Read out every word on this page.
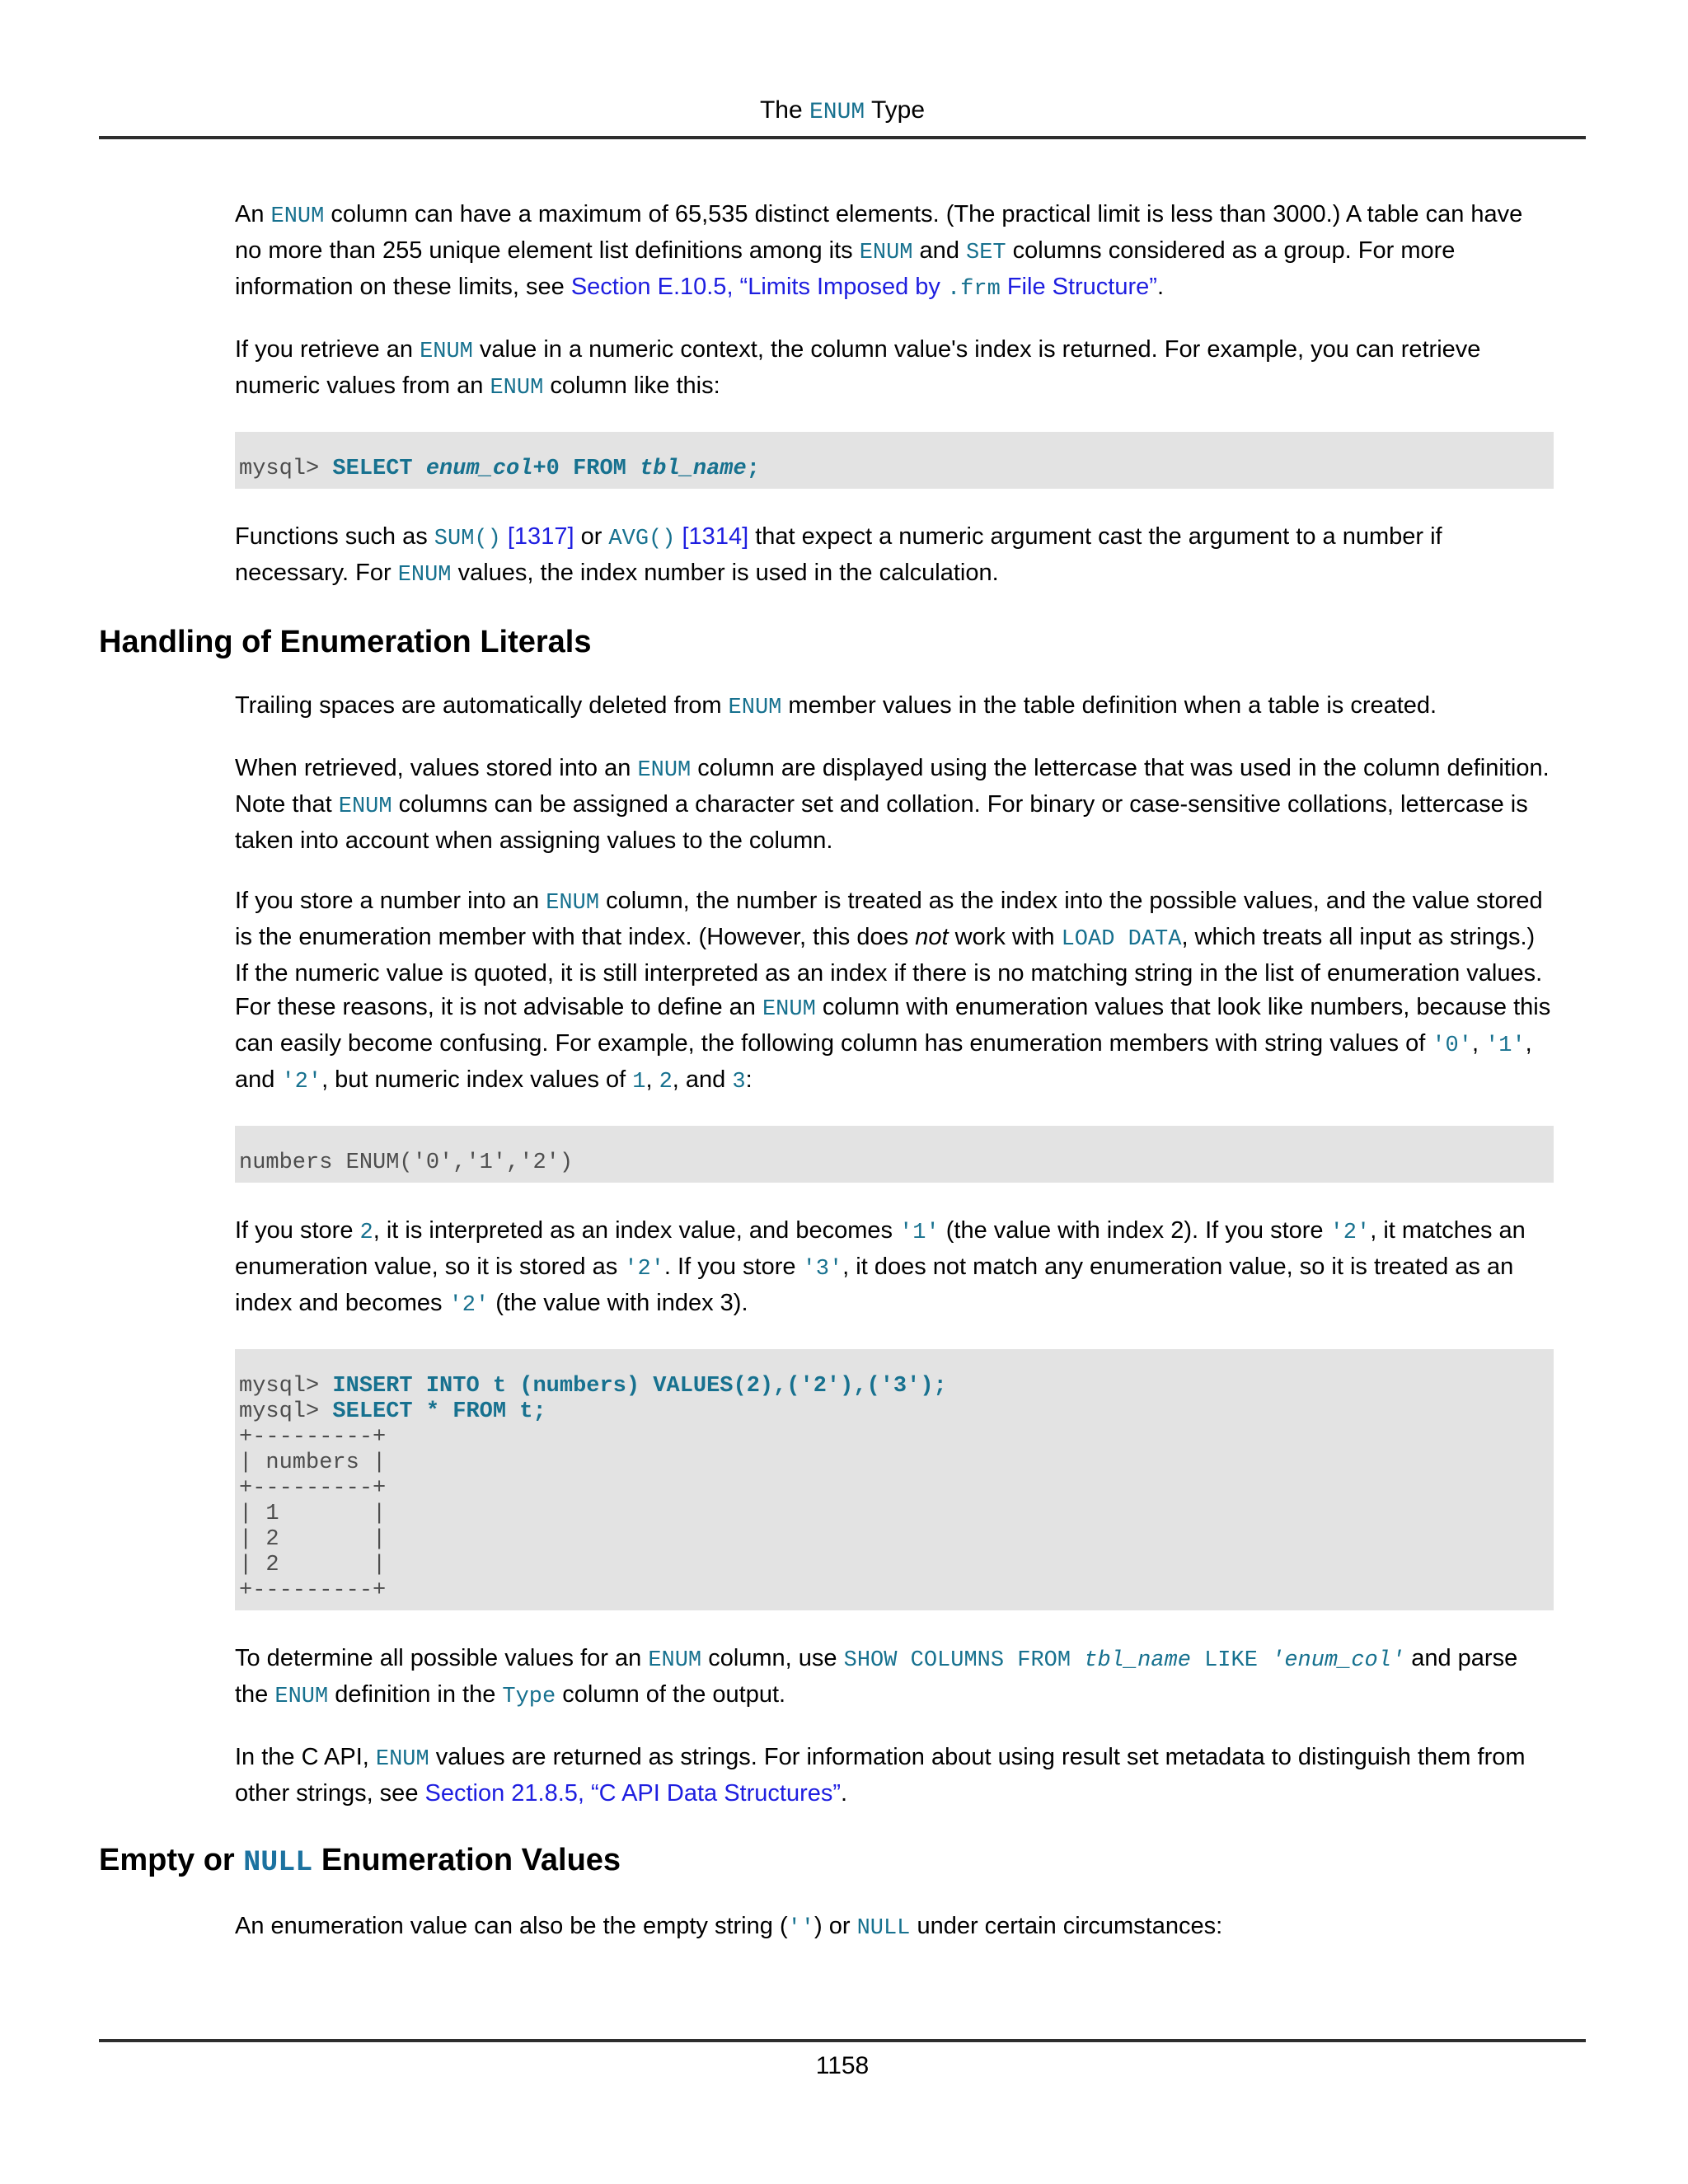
The ENUM Type

An ENUM column can have a maximum of 65,535 distinct elements. (The practical limit is less than 3000.) A table can have no more than 255 unique element list definitions among its ENUM and SET columns considered as a group. For more information on these limits, see Section E.10.5, “Limits Imposed by .frm File Structure”.

If you retrieve an ENUM value in a numeric context, the column value's index is returned. For example, you can retrieve numeric values from an ENUM column like this:

mysql> SELECT enum_col+0 FROM tbl_name;

Functions such as SUM() [1317] or AVG() [1314] that expect a numeric argument cast the argument to a number if necessary. For ENUM values, the index number is used in the calculation.

Handling of Enumeration Literals

Trailing spaces are automatically deleted from ENUM member values in the table definition when a table is created.

When retrieved, values stored into an ENUM column are displayed using the lettercase that was used in the column definition. Note that ENUM columns can be assigned a character set and collation. For binary or case-sensitive collations, lettercase is taken into account when assigning values to the column.

If you store a number into an ENUM column, the number is treated as the index into the possible values, and the value stored is the enumeration member with that index. (However, this does not work with LOAD DATA, which treats all input as strings.) If the numeric value is quoted, it is still interpreted as an index if there is no matching string in the list of enumeration values. For these reasons, it is not advisable to define an ENUM column with enumeration values that look like numbers, because this can easily become confusing. For example, the following column has enumeration members with string values of '0', '1', and '2', but numeric index values of 1, 2, and 3:

numbers ENUM('0','1','2')

If you store 2, it is interpreted as an index value, and becomes '1' (the value with index 2). If you store '2', it matches an enumeration value, so it is stored as '2'. If you store '3', it does not match any enumeration value, so it is treated as an index and becomes '2' (the value with index 3).

mysql> INSERT INTO t (numbers) VALUES(2),('2'),('3');
mysql> SELECT * FROM t;
+---------+
| numbers |
+---------+
| 1       |
| 2       |
| 2       |
+---------+

To determine all possible values for an ENUM column, use SHOW COLUMNS FROM tbl_name LIKE 'enum_col' and parse the ENUM definition in the Type column of the output.

In the C API, ENUM values are returned as strings. For information about using result set metadata to distinguish them from other strings, see Section 21.8.5, “C API Data Structures”.

Empty or NULL Enumeration Values

An enumeration value can also be the empty string ('') or NULL under certain circumstances:

1158
